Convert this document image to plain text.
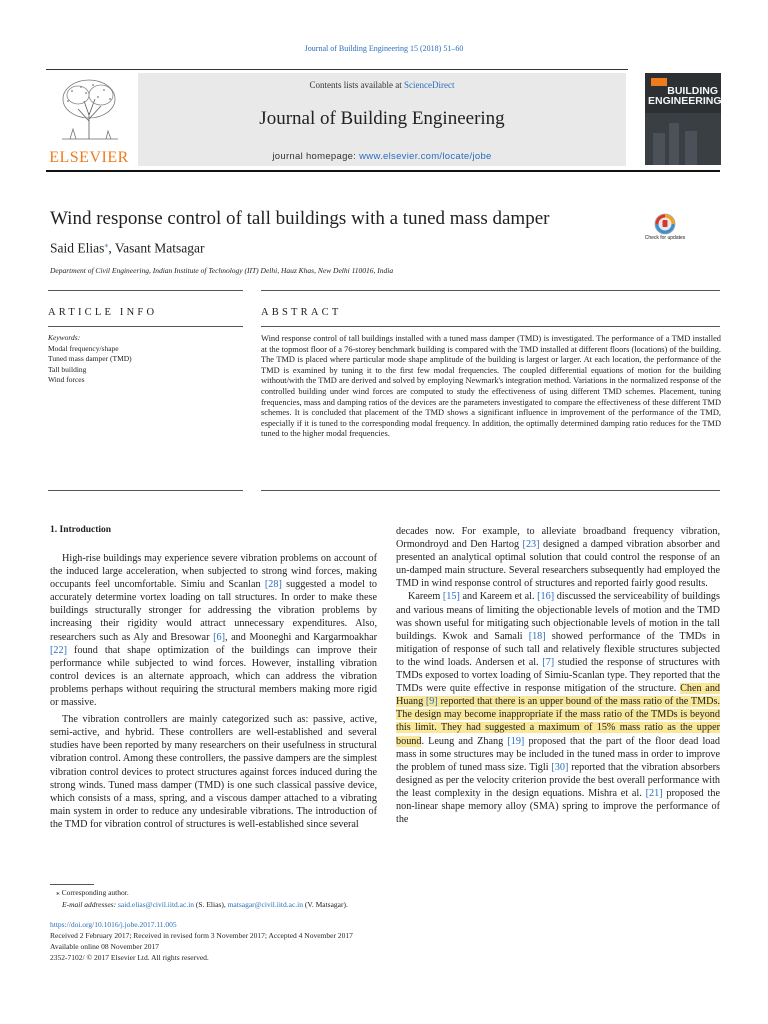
Journal of Building Engineering 15 (2018) 51–60
ELSEVIER
Contents lists available at ScienceDirect
Journal of Building Engineering
journal homepage: www.elsevier.com/locate/jobe
BUILDING
ENGINEERING
Wind response control of tall buildings with a tuned mass damper
Said Elias⁎, Vasant Matsagar
Department of Civil Engineering, Indian Institute of Technology (IIT) Delhi, Hauz Khas, New Delhi 110016, India
Check for updates
ARTICLE INFO	ABSTRACT
Keywords:
Modal frequency/shape
Tuned mass damper (TMD)
Tall building
Wind forces
Wind response control of tall buildings installed with a tuned mass damper (TMD) is investigated. The performance of a TMD installed at the topmost floor of a 76-storey benchmark building is compared with the TMD installed at different floors (locations) of the building. The TMD is placed where particular mode shape amplitude of the building is largest or larger. At each location, the performance of the TMD is examined by tuning it to the first few modal frequencies. The coupled differential equations of motion for the building without/with the TMD are derived and solved by employing Newmark's integration method. Variations in the normalized response of the controlled building under wind forces are computed to study the effectiveness of using different TMD schemes. Placement, tuning frequencies, mass and damping ratios of the devices are the parameters investigated to compare the effectiveness of these different TMD schemes. It is concluded that placement of the TMD shows a significant influence in improvement of the performance of the TMD, especially if it is tuned to the corresponding modal frequency. In addition, the optimally determined damping ratio reduces for the TMD tuned to the higher modal frequencies.
1. Introduction

High-rise buildings may experience severe vibration problems on account of the induced large acceleration, when subjected to strong wind forces, making occupants feel uncomfortable. Simiu and Scanlan [28] suggested a model to accurately determine vortex loading on tall structures. In order to make these buildings structurally stronger for addressing the vibration problems by increasing their rigidity would attract unnecessary expenditures. Also, researchers such as Aly and Bresowar [6], and Mooneghi and Kargarmoakhar [22] found that shape optimization of the buildings can improve their performance while subjected to wind forces. However, installing vibration control devices is an alternate approach, which can address the vibration problems perhaps without requiring the structural members making more rigid or massive.

The vibration controllers are mainly categorized such as: passive, active, semi-active, and hybrid. These controllers are well-established and several studies have been reported by many researchers on their usefulness in structural vibration control. Among these controllers, the passive dampers are the simplest vibration control devices to protect structures against forces induced during the strong winds. Tuned mass damper (TMD) is one such classical passive device, which consists of a mass, spring, and a viscous damper attached to a vibrating main system in order to reduce any undesirable vibrations. The introduction of the TMD for vibration control of structures is well-established since several

decades now. For example, to alleviate broadband frequency vibration, Ormondroyd and Den Hartog [23] designed a damped vibration absorber and presented an analytical optimal solution that could control the response of an un-damped main structure. Several researchers subsequently had employed the TMD in wind response control of structures and reported fairly good results.

Kareem [15] and Kareem et al. [16] discussed the serviceability of buildings and various means of limiting the objectionable levels of motion and the TMD was shown useful for mitigating such objectionable levels of motion in the tall buildings. Kwok and Samali [18] showed performance of the TMDs in mitigation of response of such tall and relatively flexible structures subjected to the wind loads. Andersen et al. [7] studied the response of structures with TMDs exposed to vortex loading of Simiu-Scanlan type. They reported that the TMDs were quite effective in response mitigation of the structure. Chen and Huang [9] reported that there is an upper bound of the mass ratio of the TMDs. The design may become inappropriate if the mass ratio of the TMDs is beyond this limit. They had suggested a maximum of 15% mass ratio as the upper bound. Leung and Zhang [19] proposed that the part of the floor dead load mass in some structures may be included in the tuned mass in order to improve the problem of tuned mass size. Tigli [30] reported that the vibration absorbers designed as per the velocity criterion provide the best overall performance with the least complexity in the design equations. Mishra et al. [21] proposed the non-linear shape memory alloy (SMA) spring to improve the performance of the

⁎ Corresponding author.
E-mail addresses: said.elias@civil.iitd.ac.in (S. Elias), matsagar@civil.iitd.ac.in (V. Matsagar).
https://doi.org/10.1016/j.jobe.2017.11.005
Received 2 February 2017; Received in revised form 3 November 2017; Accepted 4 November 2017
Available online 08 November 2017
2352-7102/ © 2017 Elsevier Ltd. All rights reserved.
